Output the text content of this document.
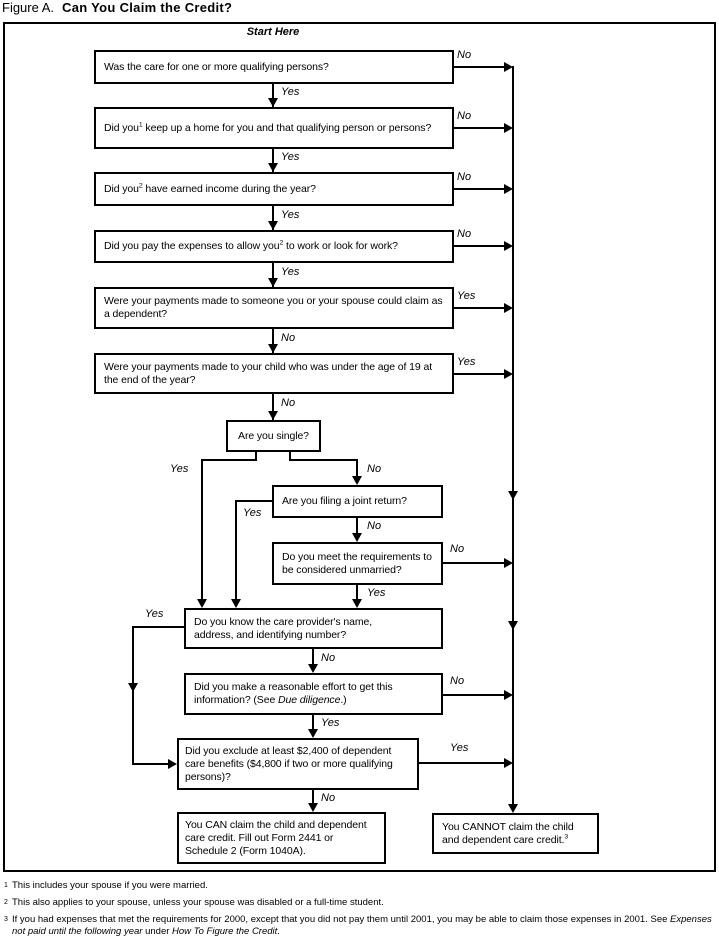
Figure A. Can You Claim the Credit?
Start Here
Was the care for one or more qualifying persons?
Did you$^1$ keep up a home for you and that qualifying person or persons?
Did you$^2$ have earned income during the year?
Did you pay the expenses to allow you$^2$ to work or look for work?
Were your payments made to someone you or your spouse could claim as a dependent?
Were your payments made to your child who was under the age of 19 at the end of the year?
Are you single?
Are you filing a joint return?
Do you meet the requirements to be considered unmarried?
Do you know the care provider's name, address, and identifying number?
Did you make a reasonable effort to get this information? (See Due diligence.)
Did you exclude at least $2,400 of dependent care benefits ($4,800 if two or more qualifying persons)?
You CAN claim the child and dependent care credit. Fill out Form 2441 or Schedule 2 (Form 1040A).
You CANNOT claim the child and dependent care credit.$^3$
Yes
Yes
Yes
Yes
No
No
Yes	No
Yes
No
No
Yes
Yes
No
No
Yes
Yes
No
No
No
No
No
Yes
Yes
1 This includes your spouse if you were married.
2 This also applies to your spouse, unless your spouse was disabled or a full-time student.
3 If you had expenses that met the requirements for 2000, except that you did not pay them until 2001, you may be able to claim those expenses in 2001. See Expenses not paid until the following year under How To Figure the Credit.
